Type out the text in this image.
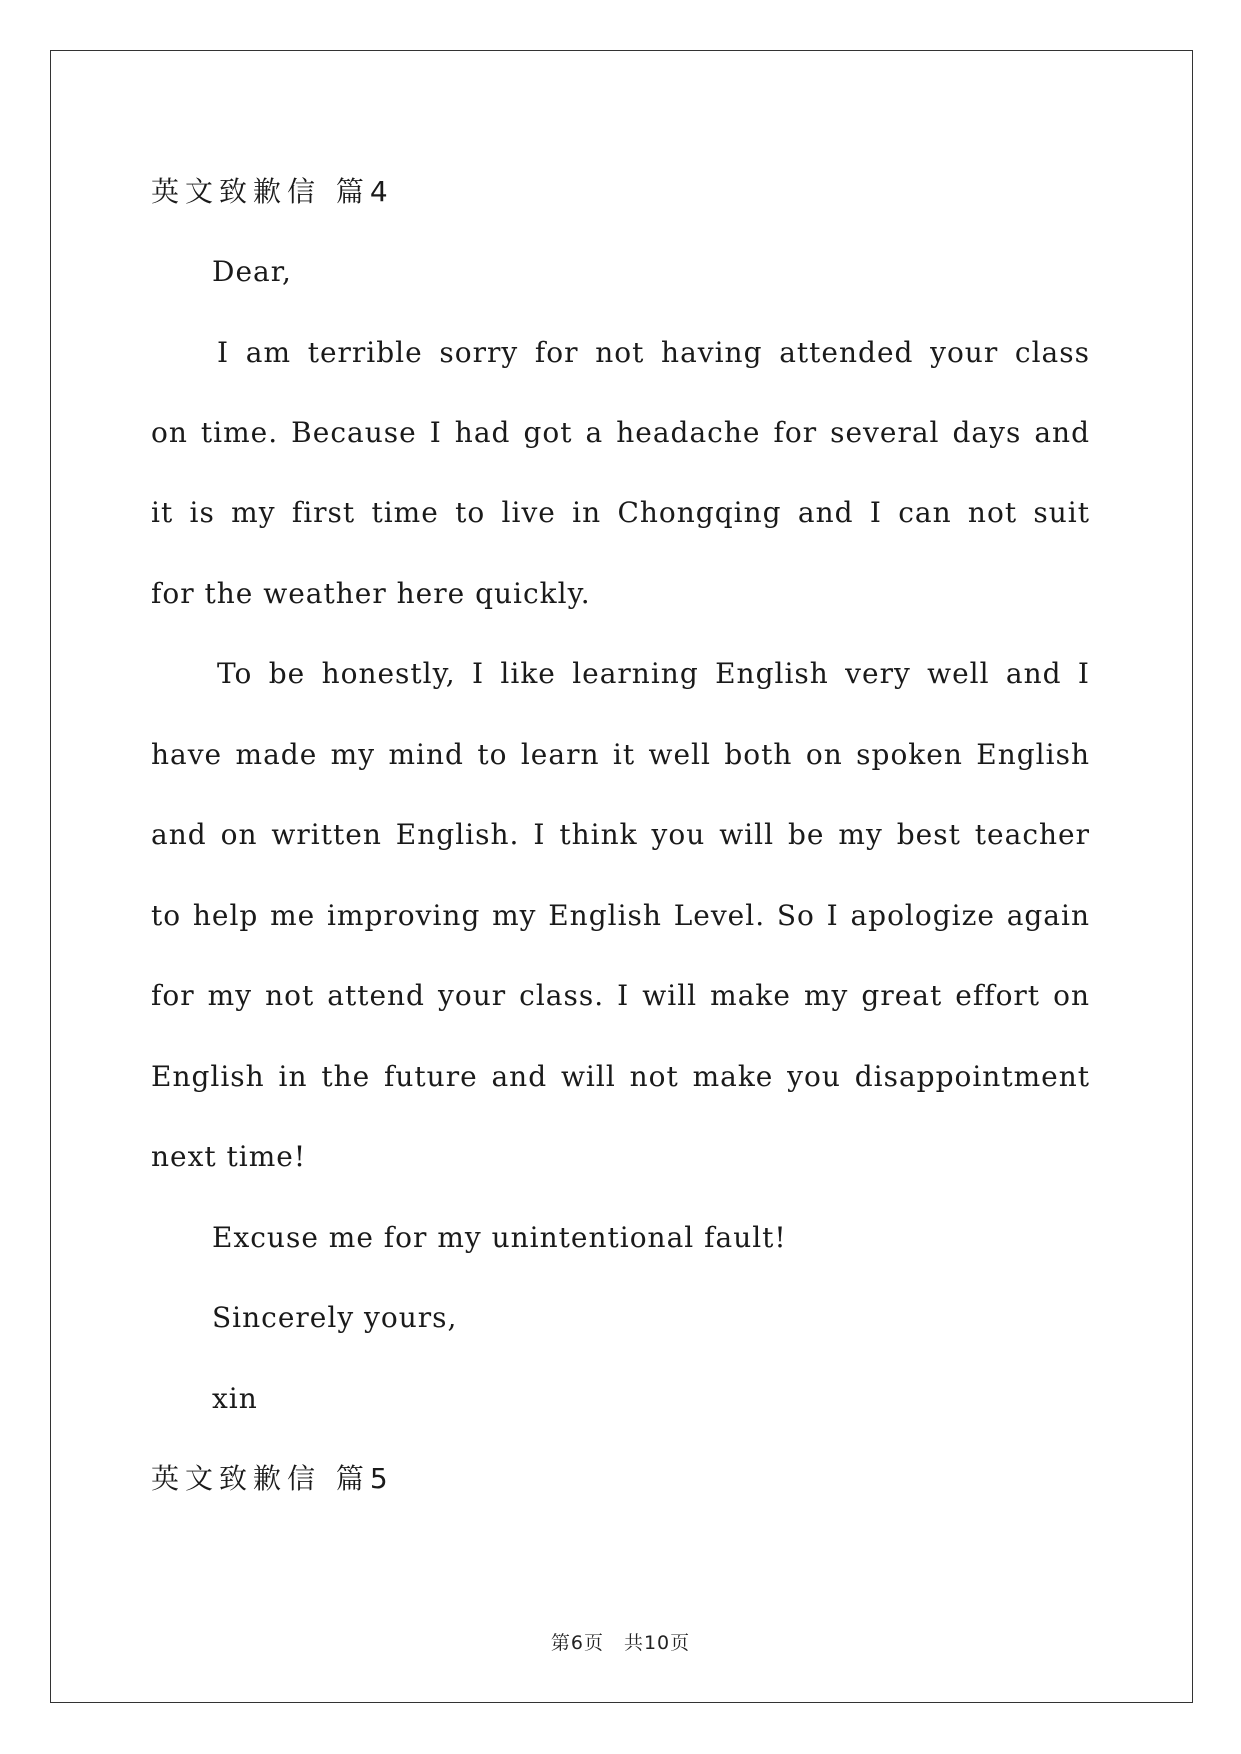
英文致歉信 篇4
Dear,
I am terrible sorry for not having attended your class
on time. Because I had got a headache for several days and
it is my first time to live in Chongqing and I can not suit
for the weather here quickly.
To be honestly, I like learning English very well and I
have made my mind to learn it well both on spoken English
and on written English. I think you will be my best teacher
to help me improving my English Level. So I apologize again
for my not attend your class. I will make my great effort on
English in the future and will not make you disappointment
next time!
Excuse me for my unintentional fault!
Sincerely yours,
xin
英文致歉信 篇5
第6页　共10页
